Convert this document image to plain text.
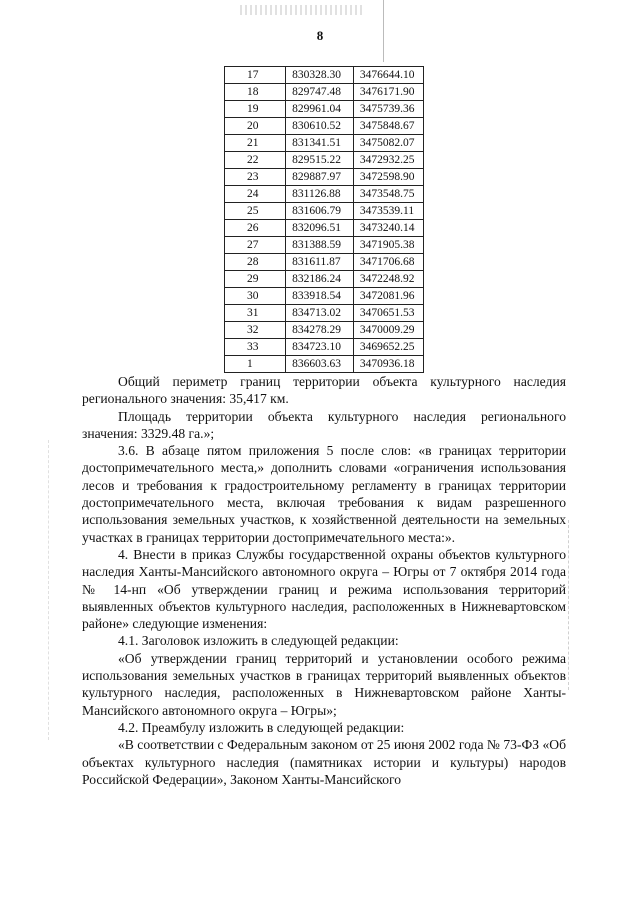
8
17	830328.30	3476644.10
18	829747.48	3476171.90
19	829961.04	3475739.36
20	830610.52	3475848.67
21	831341.51	3475082.07
22	829515.22	3472932.25
23	829887.97	3472598.90
24	831126.88	3473548.75
25	831606.79	3473539.11
26	832096.51	3473240.14
27	831388.59	3471905.38
28	831611.87	3471706.68
29	832186.24	3472248.92
30	833918.54	3472081.96
31	834713.02	3470651.53
32	834278.29	3470009.29
33	834723.10	3469652.25
1	836603.63	3470936.18

Общий периметр границ территории объекта культурного наследия регионального значения: 35,417 км.

Площадь территории объекта культурного наследия регионального значения: 3329.48 га.»;

3.6. В абзаце пятом приложения 5 после слов: «в границах территории достопримечательного места,» дополнить словами «ограничения использования лесов и требования к градостроительному регламенту в границах территории достопримечательного места, включая требования к видам разрешенного использования земельных участков, к хозяйственной деятельности на земельных участках в границах территории достопримечательного места:».

4. Внести в приказ Службы государственной охраны объектов культурного наследия Ханты-Мансийского автономного округа – Югры от 7 октября 2014 года № 14-нп «Об утверждении границ и режима использования территорий выявленных объектов культурного наследия, расположенных в Нижневартовском районе» следующие изменения:

4.1. Заголовок изложить в следующей редакции:

«Об утверждении границ территорий и установлении особого режима использования земельных участков в границах территорий выявленных объектов культурного наследия, расположенных в Нижневартовском районе Ханты-Мансийского автономного округа – Югры»;

4.2. Преамбулу изложить в следующей редакции:

«В соответствии с Федеральным законом от 25 июня 2002 года № 73-ФЗ «Об объектах культурного наследия (памятниках истории и культуры) народов Российской Федерации», Законом Ханты-Мансийского
